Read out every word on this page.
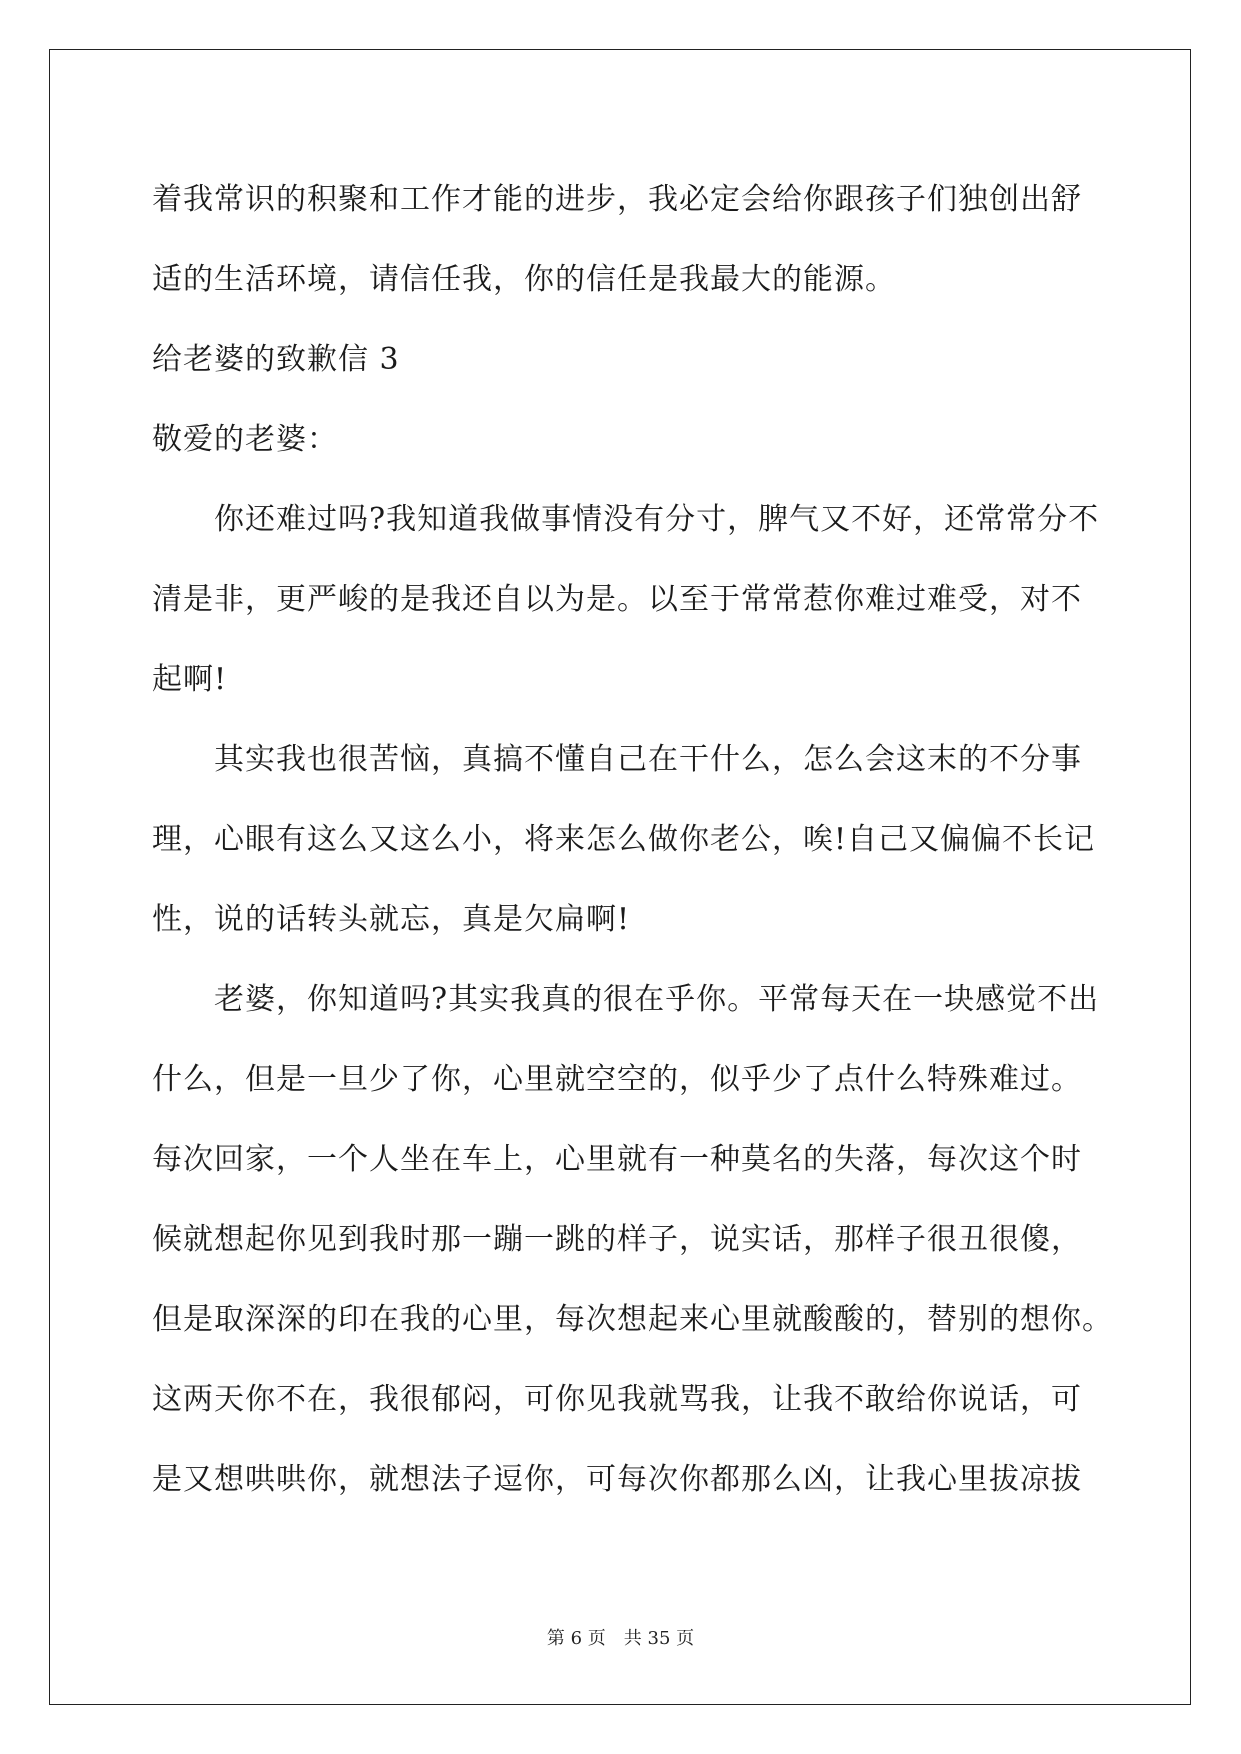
着我常识的积聚和工作才能的进步，我必定会给你跟孩子们独创出舒
适的生活环境，请信任我，你的信任是我最大的能源。
给老婆的致歉信 3
敬爱的老婆：
你还难过吗?我知道我做事情没有分寸，脾气又不好，还常常分不
清是非，更严峻的是我还自以为是。以至于常常惹你难过难受，对不
起啊!
其实我也很苦恼，真搞不懂自己在干什么，怎么会这末的不分事
理，心眼有这么又这么小，将来怎么做你老公，唉!自己又偏偏不长记
性，说的话转头就忘，真是欠扁啊!
老婆，你知道吗?其实我真的很在乎你。平常每天在一块感觉不出
什么，但是一旦少了你，心里就空空的，似乎少了点什么特殊难过。
每次回家，一个人坐在车上，心里就有一种莫名的失落，每次这个时
候就想起你见到我时那一蹦一跳的样子，说实话，那样子很丑很傻，
但是取深深的印在我的心里，每次想起来心里就酸酸的，替别的想你。
这两天你不在，我很郁闷，可你见我就骂我，让我不敢给你说话，可
是又想哄哄你，就想法子逗你，可每次你都那么凶，让我心里拔凉拔
第 6 页　共 35 页
